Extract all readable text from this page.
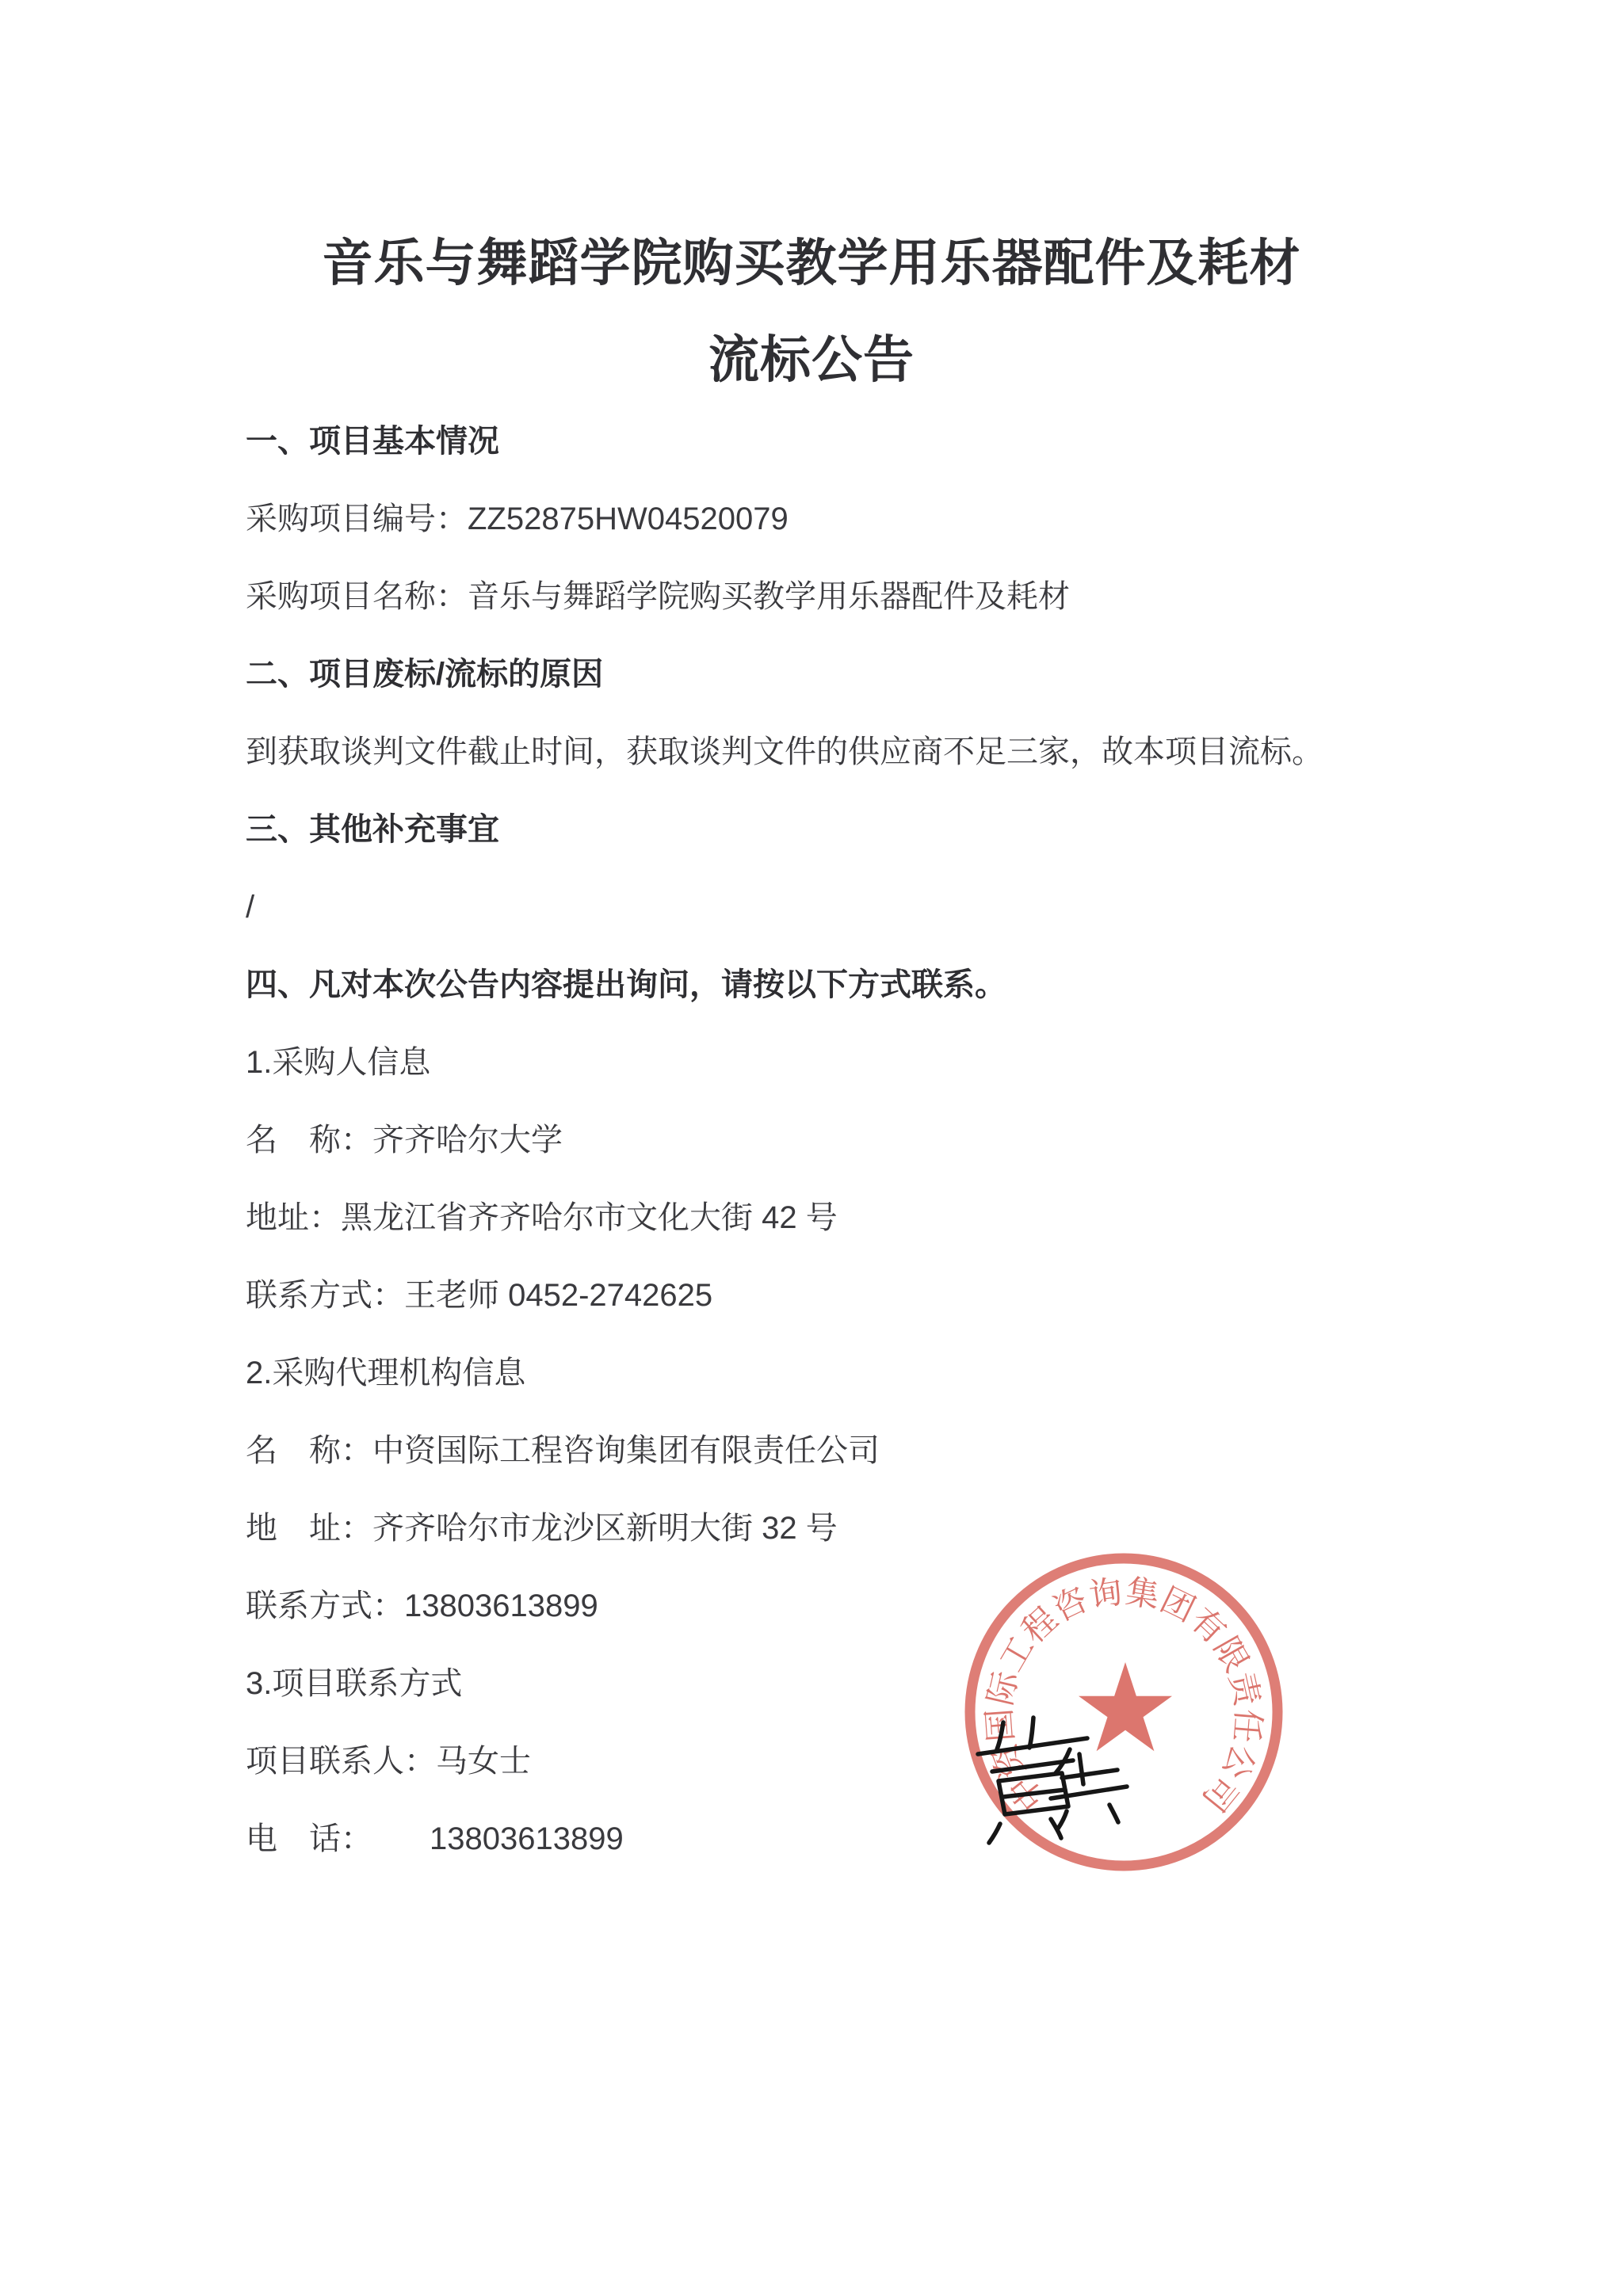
音乐与舞蹈学院购买教学用乐器配件及耗材
流标公告

一、项目基本情况

采购项目编号：ZZ52875HW04520079

采购项目名称：音乐与舞蹈学院购买教学用乐器配件及耗材

二、项目废标/流标的原因

到获取谈判文件截止时间，获取谈判文件的供应商不足三家，故本项目流标。

三、其他补充事宜

/

四、凡对本次公告内容提出询问，请按以下方式联系。

1.采购人信息

名　称：齐齐哈尔大学

地址：黑龙江省齐齐哈尔市文化大街 42 号

联系方式：王老师 0452-2742625

2.采购代理机构信息

名　称：中资国际工程咨询集团有限责任公司

地　址：齐齐哈尔市龙沙区新明大街 32 号

联系方式：13803613899

3.项目联系方式

项目联系人：马女士

电　话： 13803613899

中资国际工程咨询集团有限责任公司
